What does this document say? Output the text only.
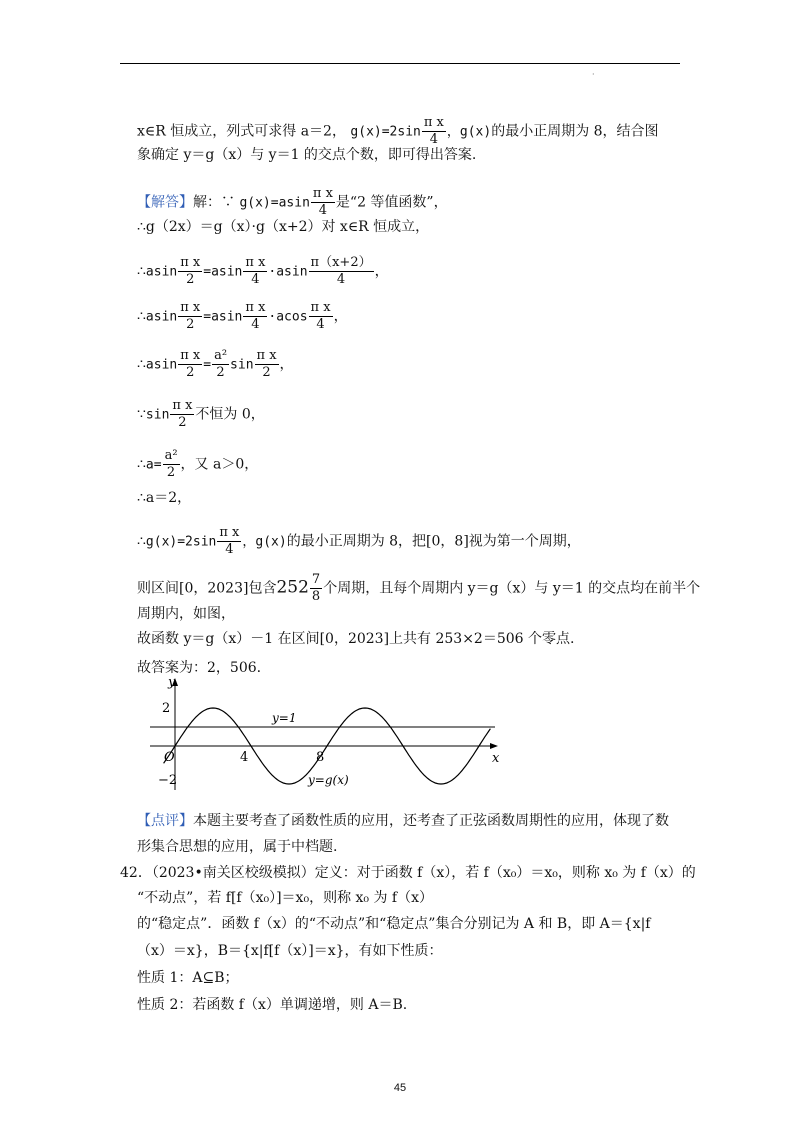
·
x∈R 恒成立，列式可求得 a＝2， $g(x)=2\sin \frac{\text{π x}}{4}$ ，g(x)的最小正周期为 8，结合图
象确定 y＝g（x）与 y＝1 的交点个数，即可得出答案.
【解答】解：∵ $g(x)=asin \frac{\text{π x}}{4}$ 是“2 等值函数”，
∴g（2x）＝g（x）·g（x+2）对 x∈R 恒成立，
∴asin $\frac{\text{π x}}{2} =asin \frac{\text{π x}}{4} \cdot asin \frac{\pi(x+2)}{4}$ ，
∴asin $\frac{\text{π x}}{2} =asin \frac{\text{π x}}{4} \cdot acos \frac{\text{π x}}{4}$ ，
∴asin $\frac{\text{π x}}{2} = \frac{\text{a²}}{2}$ $\sin \frac{\text{π x}}{2}$ ，
∵sin $\frac{\text{π x}}{2}$ 不恒为 0，
∴a= $\frac{\text{a²}}{2}$ ，又 a＞0，
∴a＝2，
∴g(x)=2sin $\frac{\text{π x}}{4}$ ，g(x)的最小正周期为 8，把[0，8]视为第一个周期，
则区间[0，2023]包含$252 \frac{7}{8}$ 个周期，且每个周期内 y＝g（x）与 y＝1 的交点均在前半个
周期内，如图，
故函数 y＝g（x）－1 在区间[0，2023]上共有 253×2＝506 个零点.
故答案为：2，506.
y
x
2
−2
O	4	8
y=1
y=g(x)
【点评】本题主要考查了函数性质的应用，还考查了正弦函数周期性的应用，体现了数
形集合思想的应用，属于中档题.
42．（2023•南关区校级模拟）定义：对于函数 f（x），若 f（x₀）＝x₀，则称 x₀ 为 f（x）的
“不动点”，若 f[f（x₀）]＝x₀，则称 x₀ 为 f（x）
的“稳定点”．函数 f（x）的“不动点”和“稳定点”集合分别记为 A 和 B，即 A＝{x|f
（x）＝x}，B＝{x|f[f（x）]＝x}，有如下性质：
性质 1：A⊆B；
性质 2：若函数 f（x）单调递增，则 A＝B.
45
